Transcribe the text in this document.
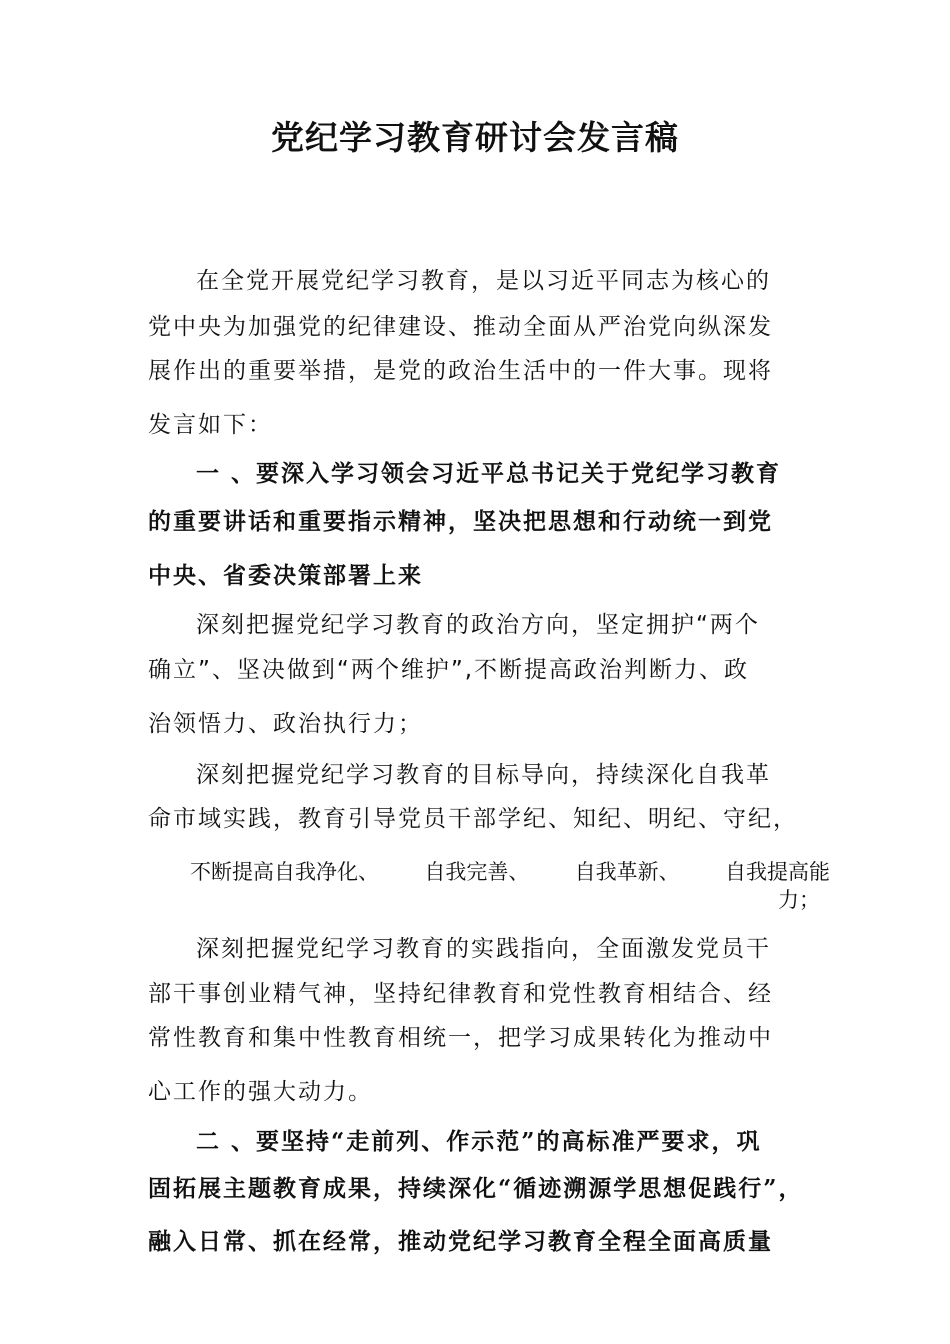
党纪学习教育研讨会发言稿
在全党开展党纪学习教育，是以习近平同志为核心的
党中央为加强党的纪律建设、推动全面从严治党向纵深发
展作出的重要举措，是党的政治生活中的一件大事。现将
发言如下：
一 、要深入学习领会习近平总书记关于党纪学习教育
的重要讲话和重要指示精神，坚决把思想和行动统一到党
中央、省委决策部署上来
深刻把握党纪学习教育的政治方向，坚定拥护“两个
确立”、坚决做到“两个维护”,不断提高政治判断力、政
治领悟力、政治执行力；
深刻把握党纪学习教育的目标导向，持续深化自我革
命市域实践，教育引导党员干部学纪、知纪、明纪、守纪，
不断提高自我净化、 自我完善、 自我革新、 自我提高能
力；
深刻把握党纪学习教育的实践指向，全面激发党员干
部干事创业精气神，坚持纪律教育和党性教育相结合、经
常性教育和集中性教育相统一，把学习成果转化为推动中
心工作的强大动力。
二 、要坚持“走前列、作示范”的高标准严要求，巩
固拓展主题教育成果，持续深化“循迹溯源学思想促践行”，
融入日常、抓在经常，推动党纪学习教育全程全面高质量
